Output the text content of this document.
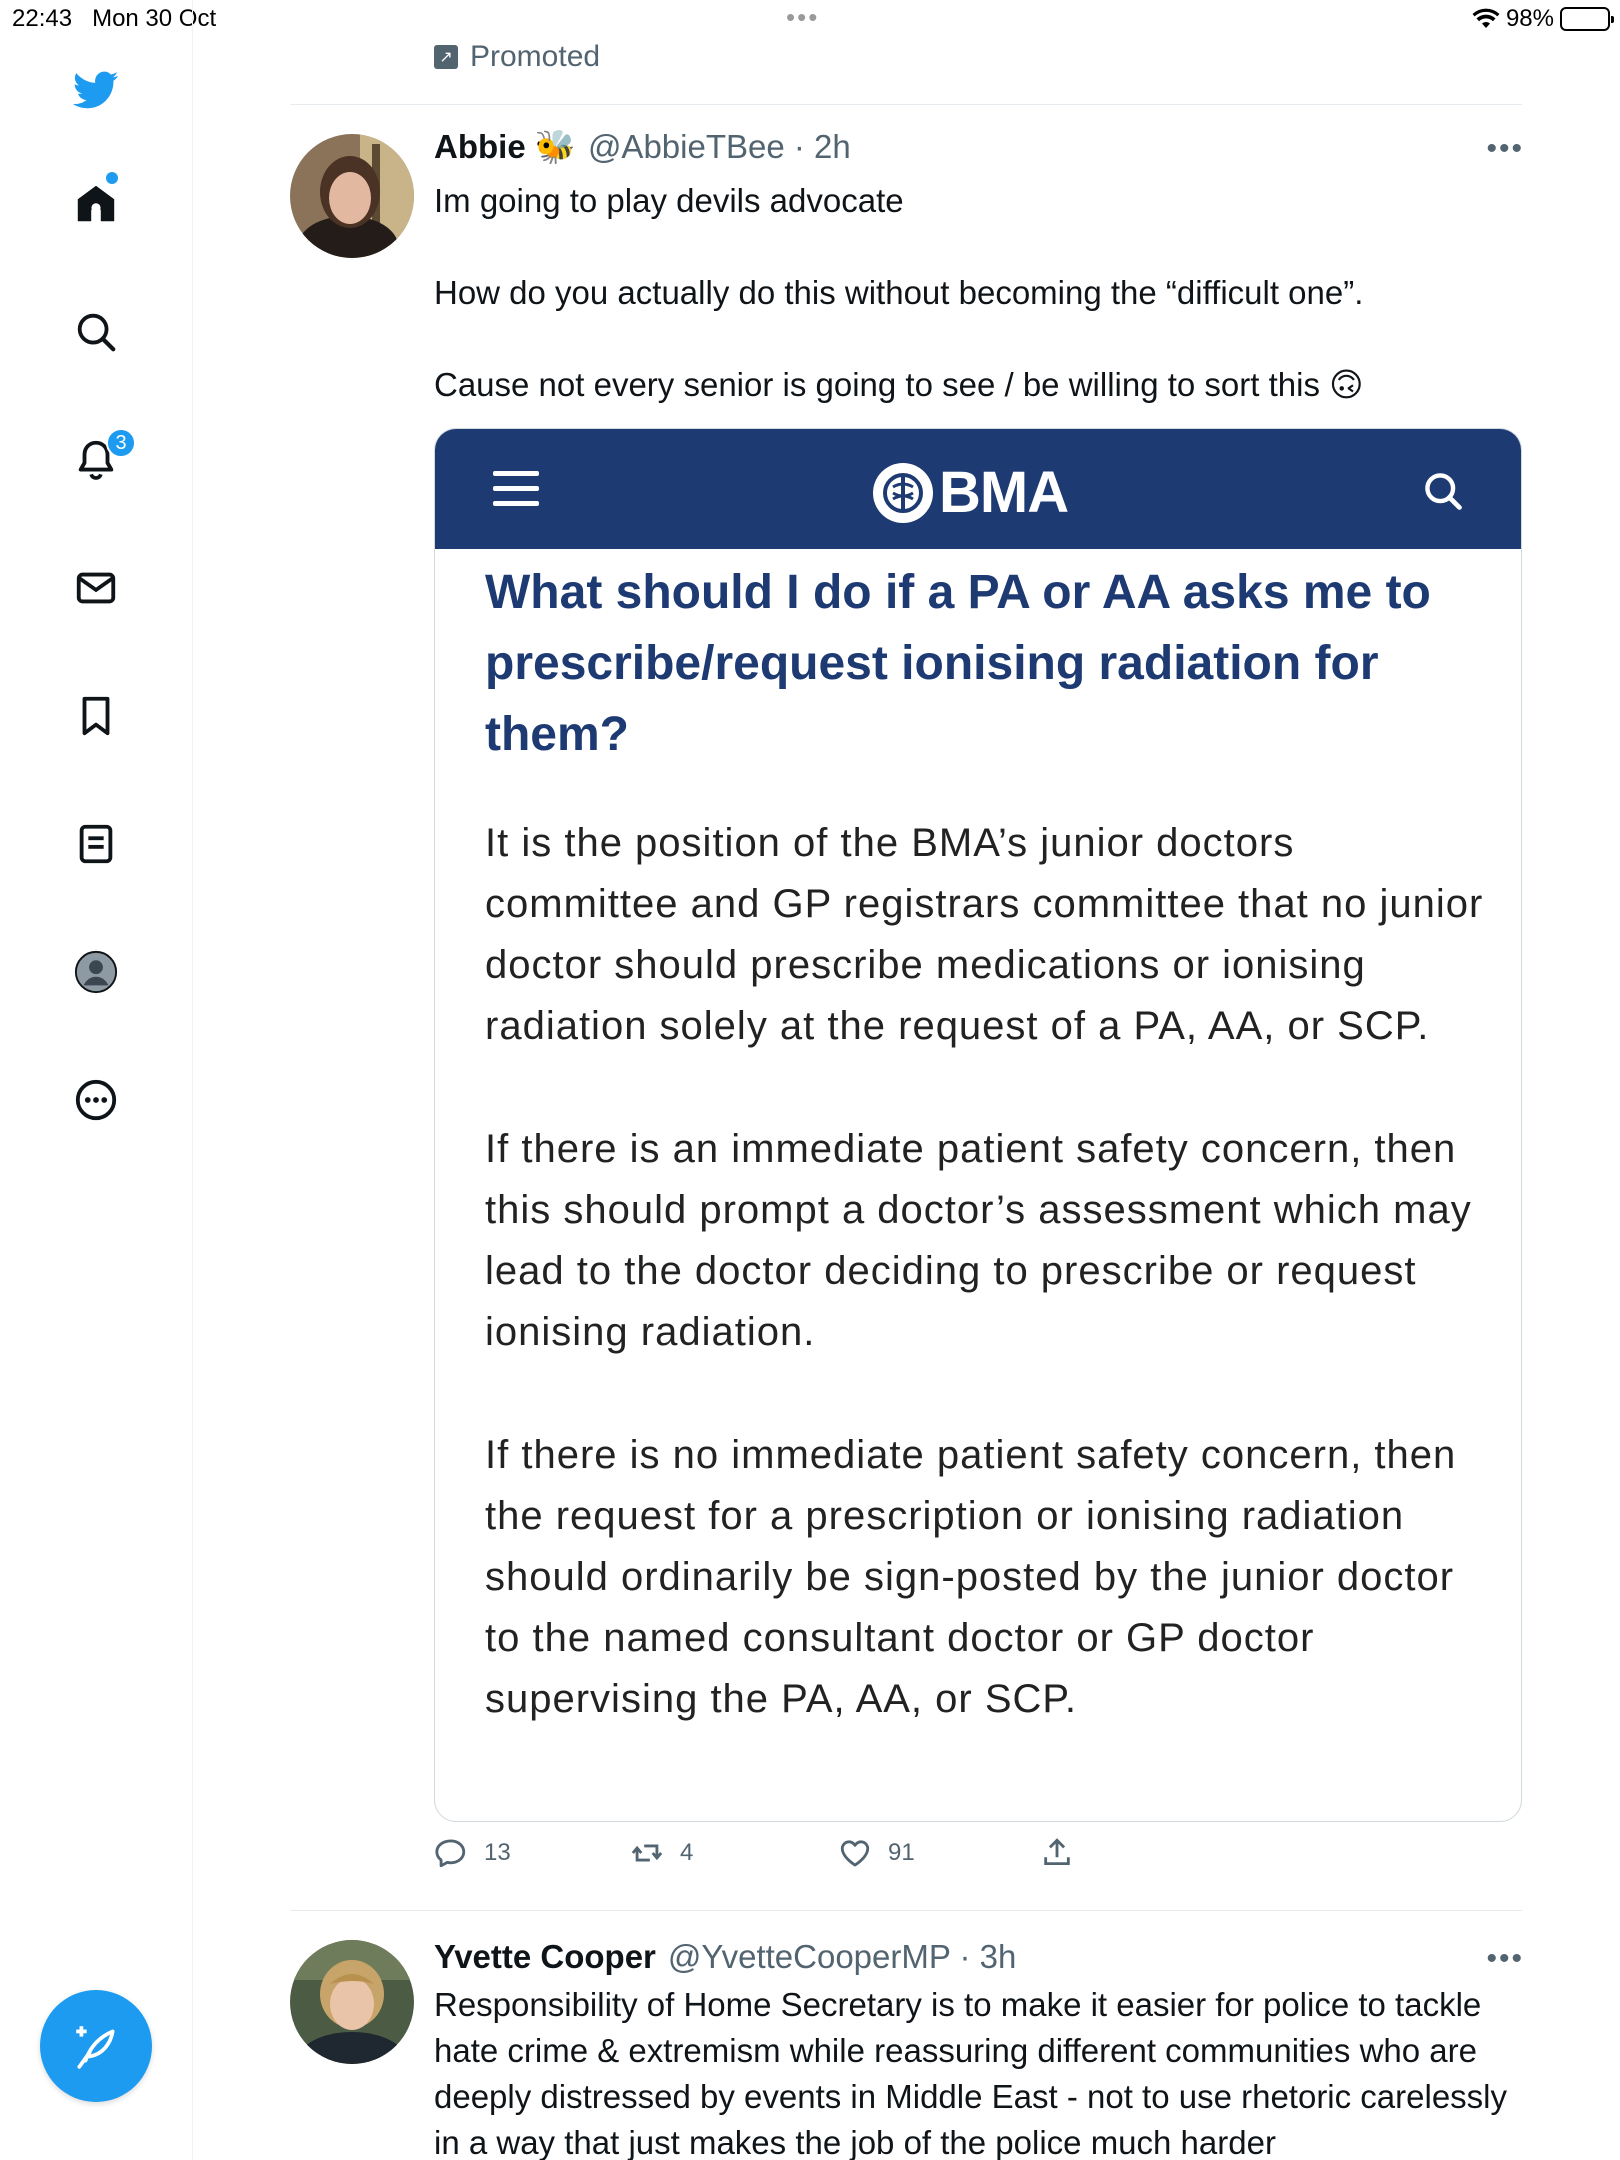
22:43 Mon 30 Oct	•••	98%
3
↗ Promoted
Abbie 🐝 @AbbieTBee · 2h	•••
Im going to play devils advocate
How do you actually do this without becoming the “difficult one”.
Cause not every senior is going to see / be willing to sort this 🙃
BMA
What should I do if a PA or AA asks me to prescribe/request ionising radiation for them?
It is the position of the BMA’s junior doctors committee and GP registrars committee that no junior doctor should prescribe medications or ionising radiation solely at the request of a PA, AA, or SCP.
If there is an immediate patient safety concern, then this should prompt a doctor’s assessment which may lead to the doctor deciding to prescribe or request ionising radiation.
If there is no immediate patient safety concern, then the request for a prescription or ionising radiation should ordinarily be sign-posted by the junior doctor to the named consultant doctor or GP doctor supervising the PA, AA, or SCP.
13	4	91
Yvette Cooper @YvetteCooperMP · 3h	•••
Responsibility of Home Secretary is to make it easier for police to tackle hate crime & extremism while reassuring different communities who are deeply distressed by events in Middle East - not to use rhetoric carelessly in a way that just makes the job of the police much harder
